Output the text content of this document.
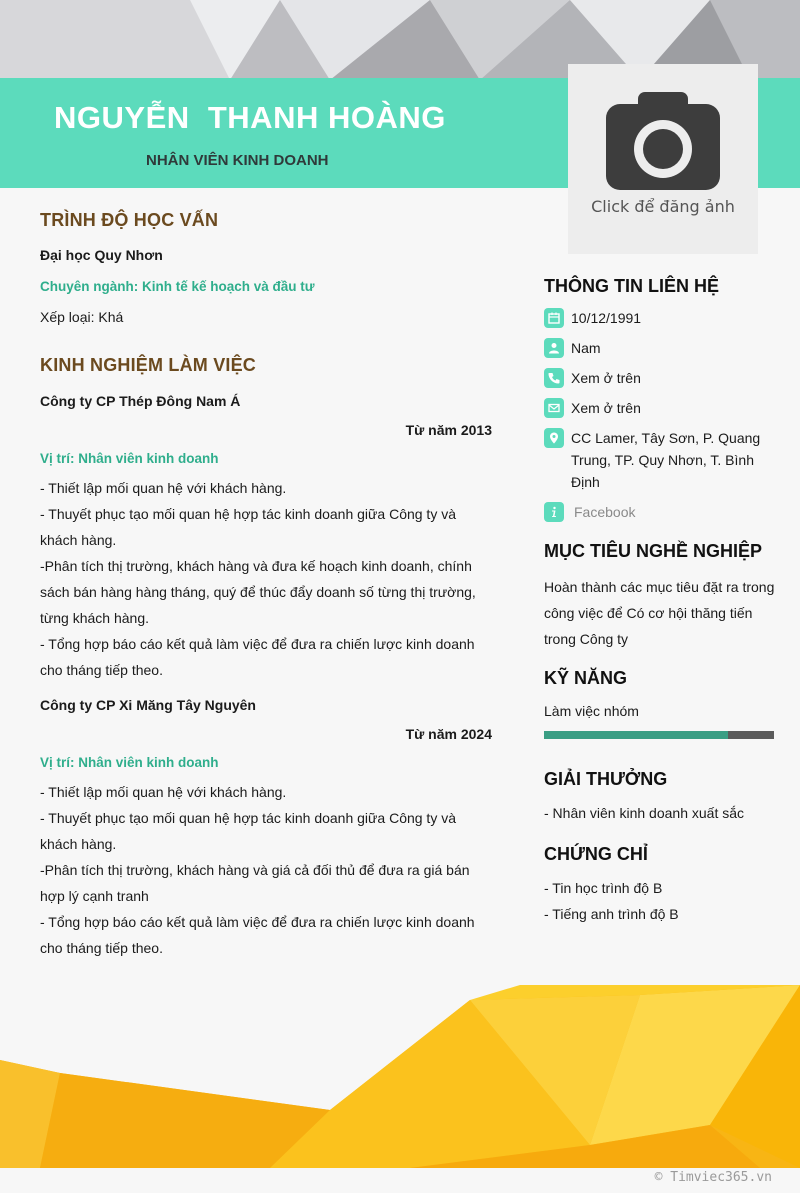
NGUYỄN  THANH HOÀNG
NHÂN VIÊN KINH DOANH
Click để đăng ảnh
TRÌNH ĐỘ HỌC VẤN
Đại học Quy Nhơn
Chuyên ngành: Kinh tế kế hoạch và đầu tư
Xếp loại: Khá
KINH NGHIỆM LÀM VIỆC
Công ty CP Thép Đông Nam Á
Từ năm 2013
Vị trí: Nhân viên kinh doanh
- Thiết lập mối quan hệ với khách hàng.
- Thuyết phục tạo mối quan hệ hợp tác kinh doanh giữa Công ty và khách hàng.
-Phân tích thị trường, khách hàng và đưa kế hoạch kinh doanh, chính sách bán hàng hàng tháng, quý để thúc đẩy doanh số từng thị trường, từng khách hàng.
- Tổng hợp báo cáo kết quả làm việc để đưa ra chiến lược kinh doanh cho tháng tiếp theo.
Công ty CP Xi Măng Tây Nguyên
Từ năm 2024
Vị trí: Nhân viên kinh doanh
- Thiết lập mối quan hệ với khách hàng.
- Thuyết phục tạo mối quan hệ hợp tác kinh doanh giữa Công ty và khách hàng.
-Phân tích thị trường, khách hàng và giá cả đối thủ để đưa ra giá bán hợp lý cạnh tranh
- Tổng hợp báo cáo kết quả làm việc để đưa ra chiến lược kinh doanh cho tháng tiếp theo.
THÔNG TIN LIÊN HỆ
10/12/1991
Nam
Xem ở trên
Xem ở trên
CC Lamer, Tây Sơn, P. Quang Trung, TP. Quy Nhơn, T. Bình Định
Facebook
MỤC TIÊU NGHỀ NGHIỆP
Hoàn thành các mục tiêu đặt ra trong công việc để Có cơ hội thăng tiến trong Công ty
KỸ NĂNG
Làm việc nhóm
GIẢI THƯỞNG
- Nhân viên kinh doanh xuất sắc
CHỨNG CHỈ
- Tin học trình độ B
- Tiếng anh trình độ B
© Timviec365.vn
